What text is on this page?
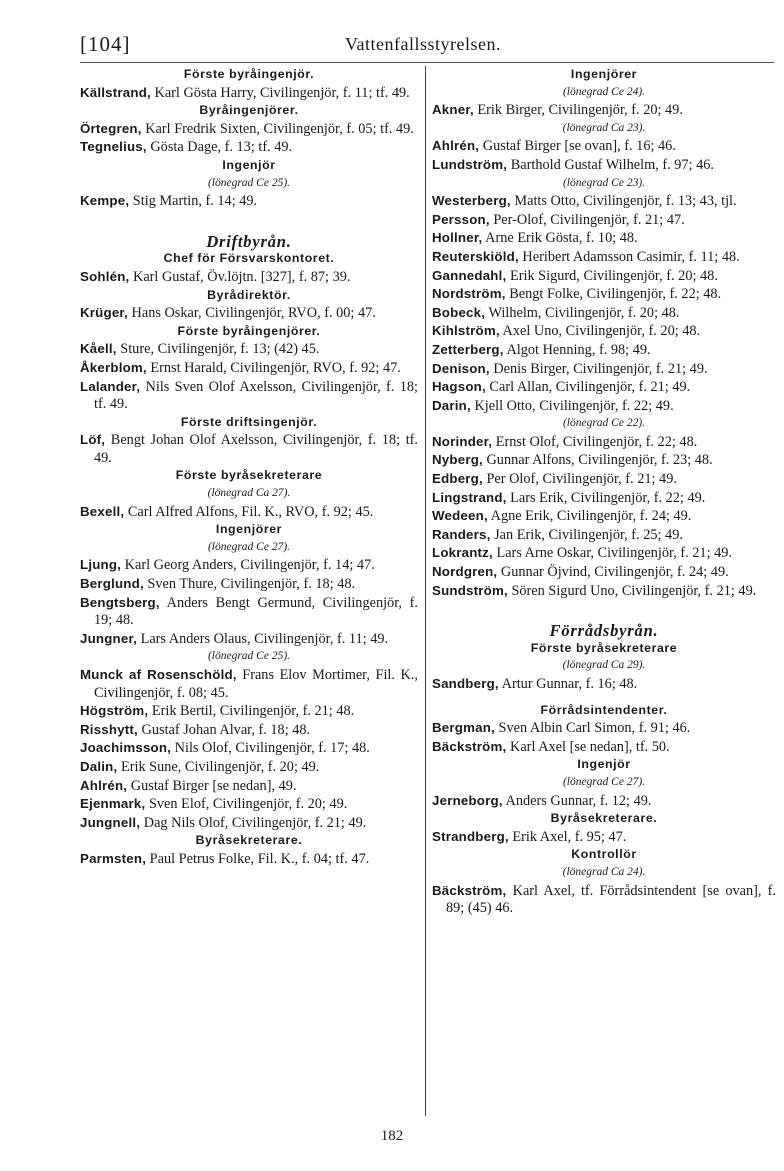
[104]	Vattenfallsstyrelsen.

Förste byråingenjör.

Källstrand, Karl Gösta Harry, Civilingenjör, f. 11; tf. 49.

Byråingenjörer.

Örtegren, Karl Fredrik Sixten, Civilingenjör, f. 05; tf. 49.

Tegnelius, Gösta Dage, f. 13; tf. 49.

Ingenjör

(lönegrad Ce 25).

Kempe, Stig Martin, f. 14; 49.

Driftbyrån.

Chef för Försvarskontoret.

Sohlén, Karl Gustaf, Öv.löjtn. [327], f. 87; 39.

Byrådirektör.

Krüger, Hans Oskar, Civilingenjör, RVO, f. 00; 47.

Förste byråingenjörer.

Kåell, Sture, Civilingenjör, f. 13; (42) 45.

Åkerblom, Ernst Harald, Civilingenjör, RVO, f. 92; 47.

Lalander, Nils Sven Olof Axelsson, Civilingenjör, f. 18; tf. 49.

Förste driftsingenjör.

Löf, Bengt Johan Olof Axelsson, Civilingenjör, f. 18; tf. 49.

Förste byråsekreterare

(lönegrad Ca 27).

Bexell, Carl Alfred Alfons, Fil. K., RVO, f. 92; 45.

Ingenjörer

(lönegrad Ce 27).

Ljung, Karl Georg Anders, Civilingenjör, f. 14; 47.

Berglund, Sven Thure, Civilingenjör, f. 18; 48.

Bengtsberg, Anders Bengt Germund, Civilingenjör, f. 19; 48.

Jungner, Lars Anders Olaus, Civilingenjör, f. 11; 49.

(lönegrad Ce 25).

Munck af Rosenschöld, Frans Elov Mortimer, Fil. K., Civilingenjör, f. 08; 45.

Högström, Erik Bertil, Civilingenjör, f. 21; 48.

Risshytt, Gustaf Johan Alvar, f. 18; 48.

Joachimsson, Nils Olof, Civilingenjör, f. 17; 48.

Dalin, Erik Sune, Civilingenjör, f. 20; 49.

Ahlrén, Gustaf Birger [se nedan], 49.

Ejenmark, Sven Elof, Civilingenjör, f. 20; 49.

Jungnell, Dag Nils Olof, Civilingenjör, f. 21; 49.

Byråsekreterare.

Parmsten, Paul Petrus Folke, Fil. K., f. 04; tf. 47.

Ingenjörer

(lönegrad Ce 24).

Akner, Erik Birger, Civilingenjör, f. 20; 49.

(lönegrad Ca 23).

Ahlrén, Gustaf Birger [se ovan], f. 16; 46.

Lundström, Barthold Gustaf Wilhelm, f. 97; 46.

(lönegrad Ce 23).

Westerberg, Matts Otto, Civilingenjör, f. 13; 43, tjl.

Persson, Per-Olof, Civilingenjör, f. 21; 47.

Hollner, Arne Erik Gösta, f. 10; 48.

Reuterskiöld, Heribert Adamsson Casimir, f. 11; 48.

Gannedahl, Erik Sigurd, Civilingenjör, f. 20; 48.

Nordström, Bengt Folke, Civilingenjör, f. 22; 48.

Bobeck, Wilhelm, Civilingenjör, f. 20; 48.

Kihlström, Axel Uno, Civilingenjör, f. 20; 48.

Zetterberg, Algot Henning, f. 98; 49.

Denison, Denis Birger, Civilingenjör, f. 21; 49.

Hagson, Carl Allan, Civilingenjör, f. 21; 49.

Darin, Kjell Otto, Civilingenjör, f. 22; 49.

(lönegrad Ce 22).

Norinder, Ernst Olof, Civilingenjör, f. 22; 48.

Nyberg, Gunnar Alfons, Civilingenjör, f. 23; 48.

Edberg, Per Olof, Civilingenjör, f. 21; 49.

Lingstrand, Lars Erik, Civilingenjör, f. 22; 49.

Wedeen, Agne Erik, Civilingenjör, f. 24; 49.

Randers, Jan Erik, Civilingenjör, f. 25; 49.

Lokrantz, Lars Arne Oskar, Civilingenjör, f. 21; 49.

Nordgren, Gunnar Öjvind, Civilingenjör, f. 24; 49.

Sundström, Sören Sigurd Uno, Civilingenjör, f. 21; 49.

Förrådsbyrån.

Förste byråsekreterare

(lönegrad Ca 29).

Sandberg, Artur Gunnar, f. 16; 48.

Förrådsintendenter.

Bergman, Sven Albin Carl Simon, f. 91; 46.

Bäckström, Karl Axel [se nedan], tf. 50.

Ingenjör

(lönegrad Ce 27).

Jerneborg, Anders Gunnar, f. 12; 49.

Byråsekreterare.

Strandberg, Erik Axel, f. 95; 47.

Kontrollör

(lönegrad Ca 24).

Bäckström, Karl Axel, tf. Förrådsintendent [se ovan], f. 89; (45) 46.

182
